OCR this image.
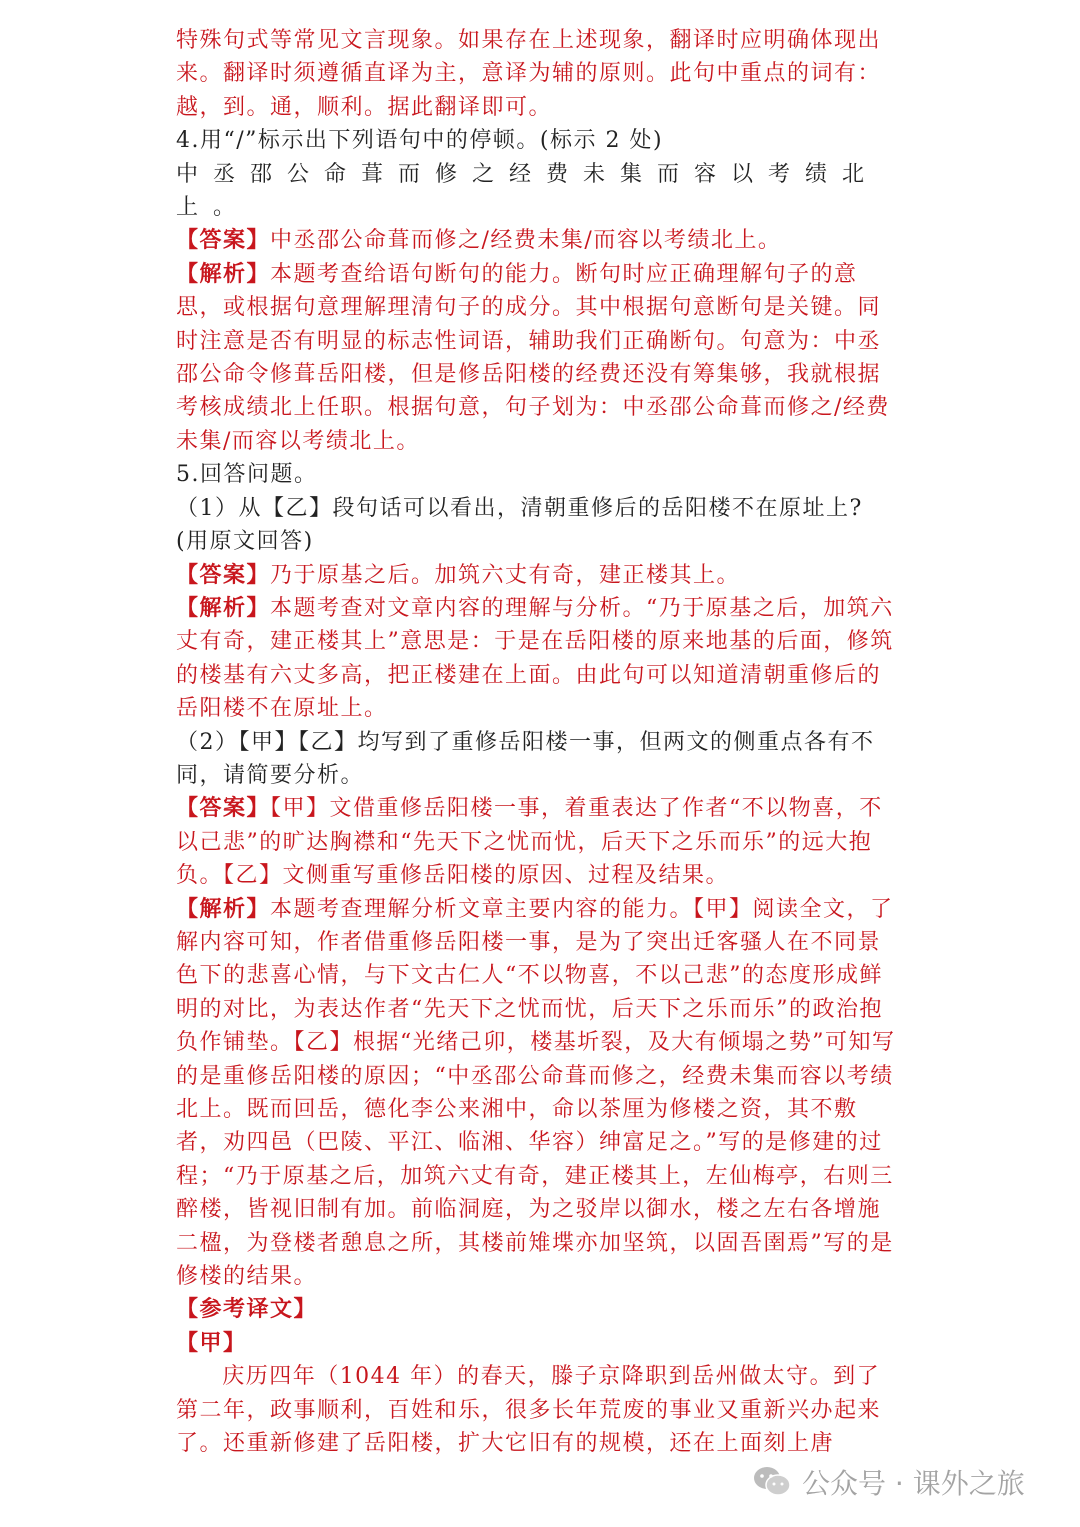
特殊句式等常见文言现象。如果存在上述现象，翻译时应明确体现出来。翻译时须遵循直译为主，意译为辅的原则。此句中重点的词有：越，到。通，顺利。据此翻译即可。

4.用“/”标示出下列语句中的停顿。(标示 2 处)

中丞邵公命葺而修之经费未集而容以考绩北上。

【答案】中丞邵公命葺而修之/经费未集/而容以考绩北上。

【解析】本题考查给语句断句的能力。断句时应正确理解句子的意思，或根据句意理解理清句子的成分。其中根据句意断句是关键。同时注意是否有明显的标志性词语，辅助我们正确断句。句意为：中丞邵公命令修葺岳阳楼，但是修岳阳楼的经费还没有筹集够，我就根据考核成绩北上任职。根据句意，句子划为：中丞邵公命葺而修之/经费未集/而容以考绩北上。

5.回答问题。

（1）从【乙】段句话可以看出，清朝重修后的岳阳楼不在原址上?(用原文回答)

【答案】乃于原基之后。加筑六丈有奇，建正楼其上。

【解析】本题考查对文章内容的理解与分析。“乃于原基之后，加筑六丈有奇，建正楼其上”意思是：于是在岳阳楼的原来地基的后面，修筑的楼基有六丈多高，把正楼建在上面。由此句可以知道清朝重修后的岳阳楼不在原址上。

（2）【甲】【乙】均写到了重修岳阳楼一事，但两文的侧重点各有不同，请简要分析。

【答案】【甲】文借重修岳阳楼一事，着重表达了作者“不以物喜，不以己悲”的旷达胸襟和“先天下之忧而忧，后天下之乐而乐”的远大抱负。【乙】文侧重写重修岳阳楼的原因、过程及结果。

【解析】本题考查理解分析文章主要内容的能力。【甲】阅读全文，了解内容可知，作者借重修岳阳楼一事，是为了突出迁客骚人在不同景色下的悲喜心情，与下文古仁人“不以物喜，不以己悲”的态度形成鲜明的对比，为表达作者“先天下之忧而忧，后天下之乐而乐”的政治抱负作铺垫。【乙】根据“光绪己卯，楼基圻裂，及大有倾塌之势”可知写的是重修岳阳楼的原因；“中丞邵公命葺而修之，经费未集而容以考绩北上。既而回岳，德化李公来湘中，命以茶厘为修楼之资，其不敷者，劝四邑（巴陵、平江、临湘、华容）绅富足之。”写的是修建的过程；“乃于原基之后，加筑六丈有奇，建正楼其上，左仙梅亭，右则三醉楼，皆视旧制有加。前临洞庭，为之驳岸以御水，楼之左右各增施二楹，为登楼者憩息之所，其楼前雉堞亦加坚筑，以固吾圉焉”写的是修楼的结果。

【参考译文】

【甲】

庆历四年（1044 年）的春天，滕子京降职到岳州做太守。到了第二年，政事顺利，百姓和乐，很多长年荒废的事业又重新兴办起来了。还重新修建了岳阳楼，扩大它旧有的规模，还在上面刻上唐

公众号 · 课外之旅
